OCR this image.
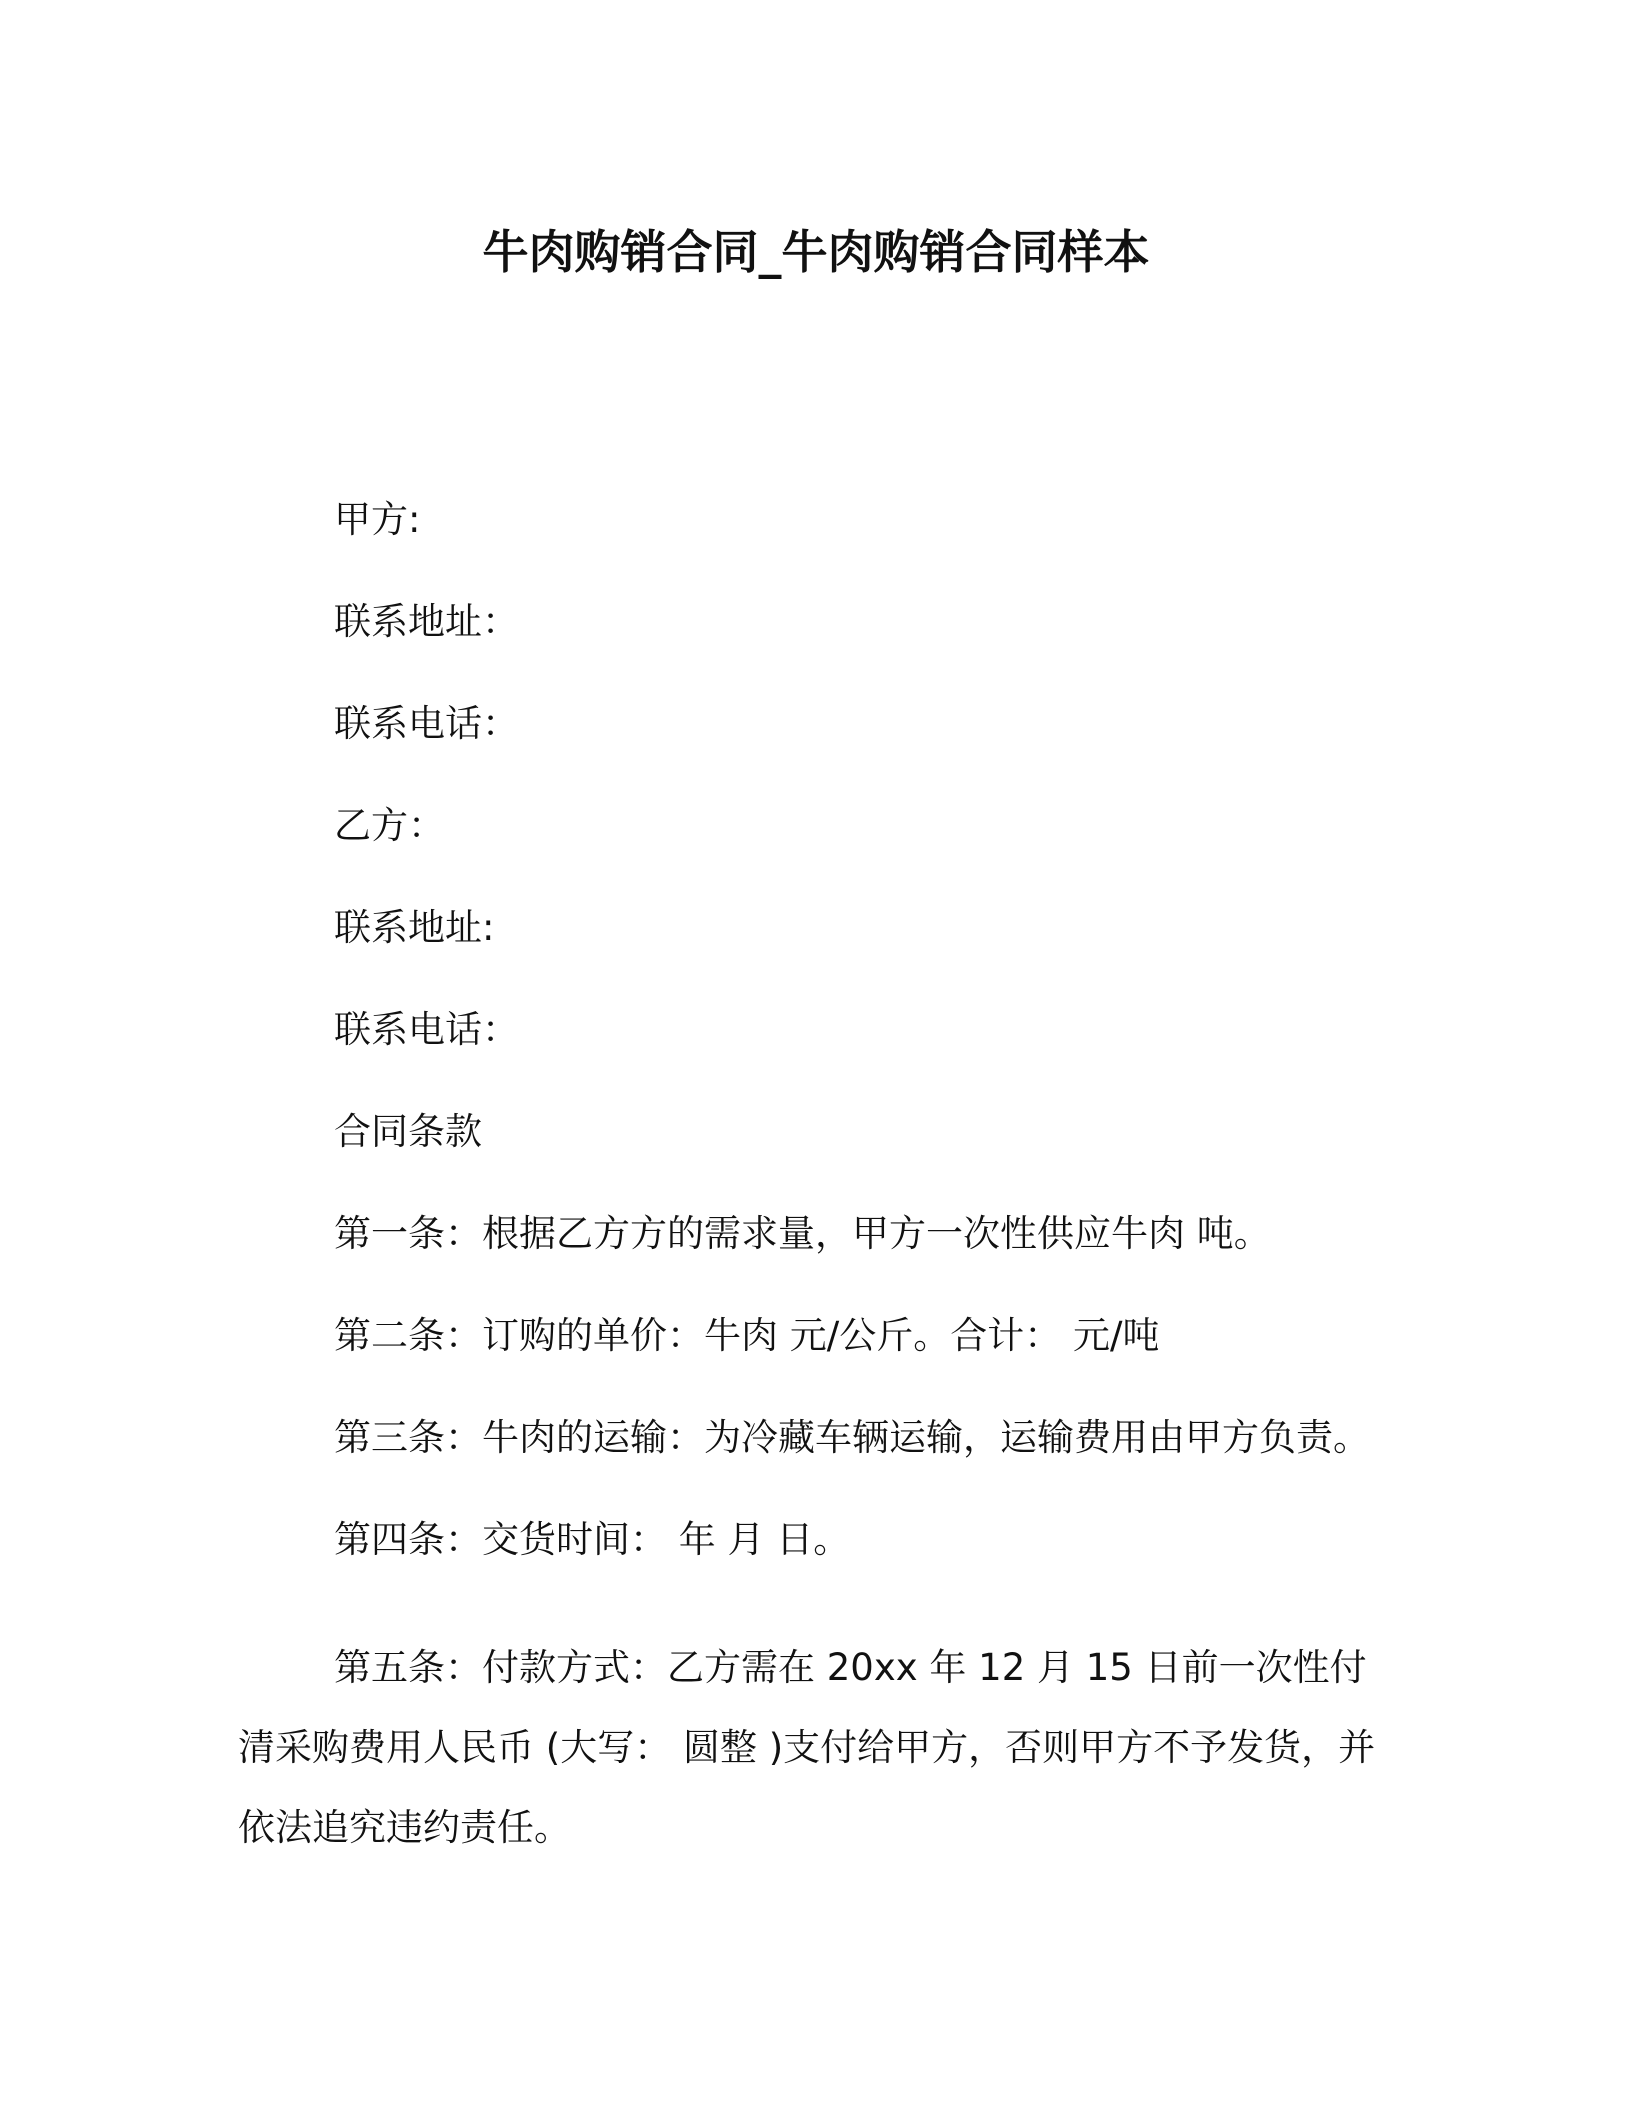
牛肉购销合同_牛肉购销合同样本

甲方:

联系地址：

联系电话：

乙方：

联系地址:

联系电话：

合同条款

第一条：根据乙方方的需求量，甲方一次性供应牛肉 吨。

第二条：订购的单价：牛肉 元/公斤。合计： 元/吨

第三条：牛肉的运输：为冷藏车辆运输，运输费用由甲方负责。

第四条：交货时间： 年 月 日。

第五条：付款方式：乙方需在 20xx 年 12 月 15 日前一次性付清采购费用人民币 (大写： 圆整 )支付给甲方，否则甲方不予发货，并依法追究违约责任。
